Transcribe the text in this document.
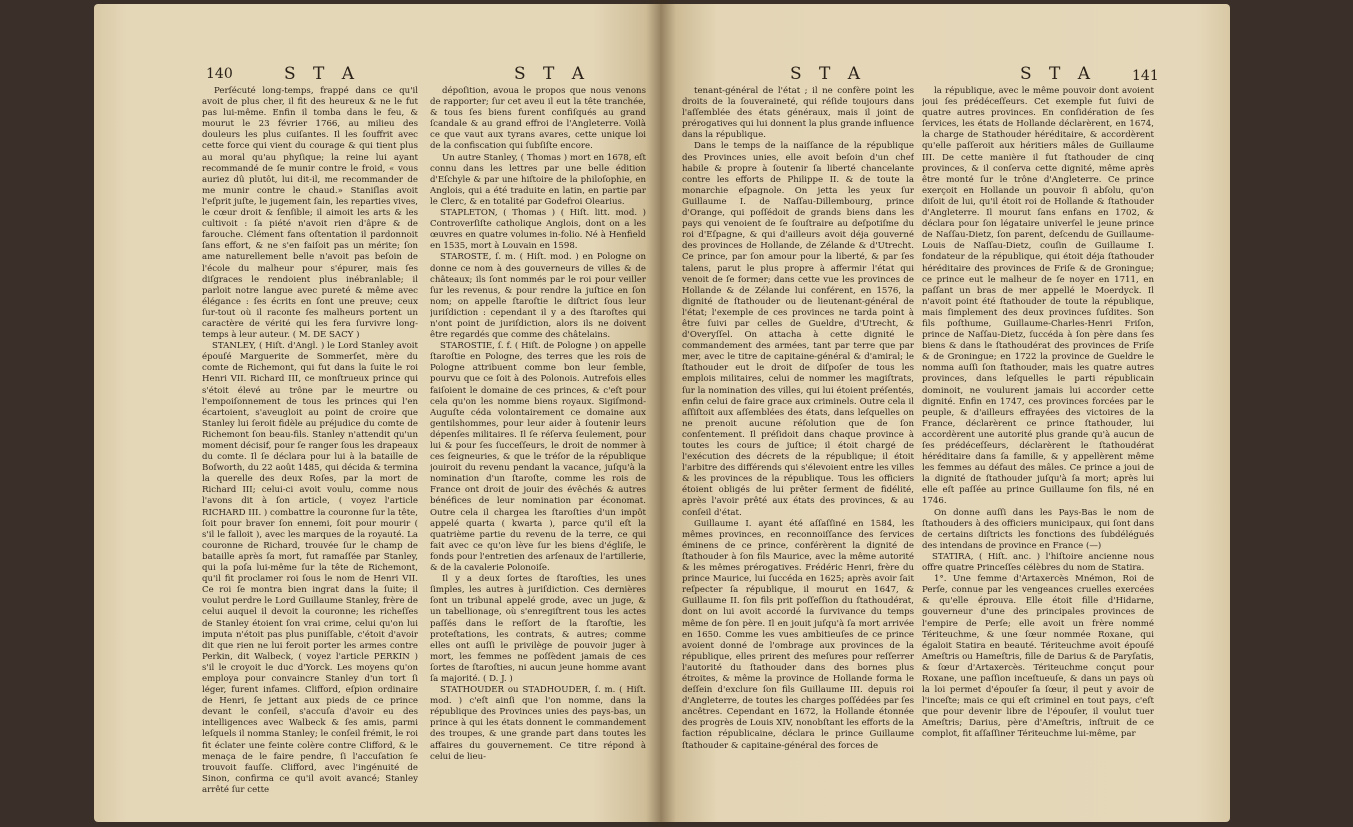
140	S T A	S T A

Perſécuté long-temps, frappé dans ce qu'il avoit de plus cher, il fit des heureux & ne le fut pas lui-même. Enfin il tomba dans le feu, & mourut le 23 février 1766, au milieu des douleurs les plus cuiſantes. Il les ſouffrit avec cette force qui vient du courage & qui tient plus au moral qu'au phyſique; la reine lui ayant recommandé de ſe munir contre le froid, « vous auriez dû plutôt, lui dit-il, me recommander de me munir contre le chaud.» Staniſlas avoit l'eſprit juſte, le jugement ſain, les reparties vives, le cœur droit & ſenſible; il aimoit les arts & les cultivoit : ſa piété n'avoit rien d'âpre & de farouche. Clément fans oſtentation il pardonnoit ſans effort, & ne s'en faiſoit pas un mérite; ſon ame naturellement belle n'avoit pas beſoin de l'école du malheur pour s'épurer, mais ſes diſgraces le rendoient plus inébranlable; il parloit notre langue avec pureté & même avec élégance : ſes écrits en ſont une preuve; ceux ſur-tout où il raconte ſes malheurs portent un caractère de vérité qui les fera ſurvivre long-temps à leur auteur. ( M. DE SACY )

STANLEY, ( Hiſt. d'Angl. ) le Lord Stanley avoit épouſé Marguerite de Sommerſet, mère du comte de Richemont, qui fut dans la ſuite le roi Henri VII. Richard III, ce monſtrueux prince qui s'étoit élevé au trône par le meurtre ou l'empoiſonnement de tous les princes qui l'en écartoient, s'aveugloit au point de croire que Stanley lui ſeroit fidèle au préjudice du comte de Richemont ſon beau-fils. Stanley n'attendit qu'un moment décisif, pour ſe ranger ſous les drapeaux du comte. Il ſe déclara pour lui à la bataille de Boſworth, du 22 août 1485, qui décida & termina la querelle des deux Roſes, par la mort de Richard III; celui-ci avoit voulu, comme nous l'avons dit à ſon article, ( voyez l'article RICHARD III. ) combattre la couronne ſur la tête, ſoit pour braver ſon ennemi, ſoit pour mourir ( s'il le falloit ), avec les marques de la royauté. La couronne de Richard, trouvée ſur le champ de bataille après ſa mort, fut ramaſſée par Stanley, qui la poſa lui-même ſur la tête de Richemont, qu'il fit proclamer roi ſous le nom de Henri VII. Ce roi ſe montra bien ingrat dans la ſuite; il voulut perdre le Lord Guillaume Stanley, frère de celui auquel il devoit la couronne; les richeſſes de Stanley étoient ſon vrai crime, celui qu'on lui imputa n'étoit pas plus puniſſable, c'étoit d'avoir dit que rien ne lui feroit porter les armes contre Perkin, dit Walbeck, ( voyez l'article PERKIN ) s'il le croyoit le duc d'Yorck. Les moyens qu'on employa pour convaincre Stanley d'un tort ſi léger, furent infames. Clifford, eſpion ordinaire de Henri, ſe jettant aux pieds de ce prince devant le conſeil, s'accuſa d'avoir eu des intelligences avec Walbeck & ſes amis, parmi leſquels il nomma Stanley; le conſeil frémit, le roi fit éclater une feinte colère contre Clifford, & le menaça de le faire pendre, ſi l'accuſation ſe trouvoit fauſſe. Clifford, avec l'ingénuité de Sinon, confirma ce qu'il avoit avancé; Stanley arrêté ſur cette

dépoſition, avoua le propos que nous venons de rapporter; ſur cet aveu il eut la tête tranchée, & tous ſes biens furent confiſqués au grand ſcandale & au grand effroi de l'Angleterre. Voilà ce que vaut aux tyrans avares, cette unique loi de la confiscation qui ſubſiſte encore.

Un autre Stanley, ( Thomas ) mort en 1678, eſt connu dans les lettres par une belle édition d'Eſchyle & par une hiſtoire de la philoſophie, en Anglois, qui a été traduite en latin, en partie par le Clerc, & en totalité par Godefroi Olearius.

STAPLETON, ( Thomas ) ( Hiſt. litt. mod. ) Controverſiſte catholique Anglois, dont on a les œuvres en quatre volumes in-folio. Né à Henfield en 1535, mort à Louvain en 1598.

STAROSTE, ſ. m. ( Hiſt. mod. ) en Pologne on donne ce nom à des gouverneurs de villes & de châteaux; ils ſont nommés par le roi pour veiller ſur les revenus, & pour rendre la juſtice en ſon nom; on appelle ſtaroſtie le diſtrict ſous leur juriſdiction : cependant il y a des ſtaroſtes qui n'ont point de juriſdiction, alors ils ne doivent être regardés que comme des châtelains.

STAROSTIE, ſ. f. ( Hiſt. de Pologne ) on appelle ſtaroſtie en Pologne, des terres que les rois de Pologne attribuent comme bon leur ſemble, pourvu que ce ſoit à des Polonois. Autrefois elles faiſoient le domaine de ces princes, & c'eſt pour cela qu'on les nomme biens royaux. Sigiſmond-Auguſte céda volontairement ce domaine aux gentilshommes, pour leur aider à ſoutenir leurs dépenſes militaires. Il ſe réſerva ſeulement, pour lui & pour ſes ſucceſſeurs, le droit de nommer à ces ſeigneuries, & que le tréſor de la république jouiroit du revenu pendant la vacance, juſqu'à la nomination d'un ſtaroſte, comme les rois de France ont droit de jouir des évêchés & autres bénéfices de leur nomination par économat. Outre cela il chargea les ſtaroſties d'un impôt appelé quarta ( kwarta ), parce qu'il eſt la quatrième partie du revenu de la terre, ce qui fait avec ce qu'on lève ſur les biens d'égliſe, le fonds pour l'entretien des arſenaux de l'artillerie, & de la cavalerie Polonoiſe.

Il y a deux ſortes de ſtaroſties, les unes ſimples, les autres à juriſdiction. Ces dernières ſont un tribunal appelé grode, avec un juge, & un tabellionage, où s'enregiſtrent tous les actes paſſés dans le reſſort de la ſtaroſtie, les proteſtations, les contrats, & autres; comme elles ont auſſi le privilège de pouvoir juger à mort, les femmes ne poſſèdent jamais de ces ſortes de ſtaroſties, ni aucun jeune homme avant ſa majorité. ( D. J. )

STATHOUDER ou STADHOUDER, ſ. m. ( Hiſt. mod. ) c'eſt ainſi que l'on nomme, dans la république des Provinces unies des pays-bas, un prince à qui les états donnent le commandement des troupes, & une grande part dans toutes les affaires du gouvernement. Ce titre répond à celui de lieu-

S T A	S T A	141

tenant-général de l'état ; il ne confère point les droits de la ſouveraineté, qui réſide toujours dans l'aſſemblée des états généraux, mais il joint de prérogatives qui lui donnent la plus grande influence dans la république.

Dans le temps de la naiſſance de la république des Provinces unies, elle avoit beſoin d'un chef habile & propre à ſoutenir ſa liberté chancelante contre les efforts de Philippe II. & de toute la monarchie eſpagnole. On jetta les yeux ſur Guillaume I. de Naſſau-Dillembourg, prince d'Orange, qui poſſédoit de grands biens dans les pays qui venoient de ſe ſouſtraire au deſpotiſme du roi d'Eſpagne, & qui d'ailleurs avoit déja gouverné des provinces de Hollande, de Zélande & d'Utrecht. Ce prince, par ſon amour pour la liberté, & par ſes talens, parut le plus propre à affermir l'état qui venoit de ſe former; dans cette vue les provinces de Hollande & de Zélande lui conférent, en 1576, la dignité de ſtathouder ou de lieutenant-général de l'état; l'exemple de ces provinces ne tarda point à être ſuivi par celles de Gueldre, d'Utrecht, & d'Overyſſel. On attacha à cette dignité le commandement des armées, tant par terre que par mer, avec le titre de capitaine-général & d'amiral; le ſtathouder eut le droit de diſpoſer de tous les emplois militaires, celui de nommer les magiſtrats, ſur la nomination des villes, qui lui étoient préſentés, enfin celui de faire grace aux criminels. Outre cela il aſſiſtoit aux aſſemblées des états, dans leſquelles on ne prenoit aucune réſolution que de ſon conſentement. Il préſidoit dans chaque province à toutes les cours de juſtice; il étoit chargé de l'exécution des décrets de la république; il étoit l'arbitre des différends qui s'élevoient entre les villes & les provinces de la république. Tous les officiers étoient obligés de lui prêter ſerment de fidélité, après l'avoir prêté aux états des provinces, & au conſeil d'état.

Guillaume I. ayant été aſſaſſiné en 1584, les mêmes provinces, en reconnoiſſance des ſervices éminens de ce prince, conférèrent la dignité de ſtathouder à ſon fils Maurice, avec la même autorité & les mêmes prérogatives. Frédéric Henri, frère du prince Maurice, lui ſuccéda en 1625; après avoir ſait reſpecter ſa république, il mourut en 1647, & Guillaume II. ſon fils prit poſſeſſion du ſtathoudérat, dont on lui avoit accordé la ſurvivance du temps même de ſon père. Il en jouit juſqu'à ſa mort arrivée en 1650. Comme les vues ambitieuſes de ce prince avoient donné de l'ombrage aux provinces de la république, elles prirent des meſures pour reſſerrer l'autorité du ſtathouder dans des bornes plus étroites, & même la province de Hollande forma le deſſein d'exclure ſon fils Guillaume III. depuis roi d'Angleterre, de toutes les charges poſſédées par ſes ancêtres. Cependant en 1672, la Hollande étonnée des progrès de Louis XIV, nonobſtant les efforts de la faction républicaine, déclara le prince Guillaume ſtathouder & capitaine-général des forces de

la république, avec le même pouvoir dont avoient joui ſes prédéceſſeurs. Cet exemple fut ſuivi de quatre autres provinces. En conſidération de ſes ſervices, les états de Hollande déclarèrent, en 1674, la charge de Stathouder héréditaire, & accordèrent qu'elle paſſeroit aux héritiers mâles de Guillaume III. De cette manière il fut ſtathouder de cinq provinces, & il conſerva cette dignité, même après être monté ſur le trône d'Angleterre. Ce prince exerçoit en Hollande un pouvoir ſi abſolu, qu'on diſoit de lui, qu'il étoit roi de Hollande & ſtathouder d'Angleterre. Il mourut ſans enfans en 1702, & déclara pour ſon légataire univerſel le jeune prince de Naſſau-Dietz, ſon parent, deſcendu de Guillaume-Louis de Naſſau-Dietz, couſin de Guillaume I. fondateur de la république, qui étoit déja ſtathouder héréditaire des provinces de Friſe & de Groningue; ce prince eut le malheur de ſe noyer en 1711, en paſſant un bras de mer appellé le Moerdyck. Il n'avoit point été ſtathouder de toute la république, mais ſimplement des deux provinces ſuſdites. Son fils poſthume, Guillaume-Charles-Henri Friſon, prince de Naſſau-Dietz, ſuccéda à ſon père dans ſes biens & dans le ſtathoudérat des provinces de Friſe & de Groningue; en 1722 la province de Gueldre le nomma auſſi ſon ſtathouder, mais les quatre autres provinces, dans leſquelles le parti républicain dominoit, ne voulurent jamais lui accorder cette dignité. Enfin en 1747, ces provinces forcées par le peuple, & d'ailleurs effrayées des victoires de la France, déclarèrent ce prince ſtathouder, lui accordèrent une autorité plus grande qu'à aucun de ſes prédéceſſeurs, déclarèrent le ſtathoudérat héréditaire dans ſa famille, & y appellèrent même les femmes au défaut des mâles. Ce prince a joui de la dignité de ſtathouder juſqu'à ſa mort; après lui elle eſt paſſée au prince Guillaume ſon fils, né en 1746.

On donne auſſi dans les Pays-Bas le nom de ſtathouders à des officiers municipaux, qui ſont dans de certains diſtricts les fonctions des ſubdélégués des intendans de province en France (—)

STATIRA, ( Hiſt. anc. ) l'hiſtoire ancienne nous offre quatre Princeſſes célèbres du nom de Statira.

1°. Une femme d'Artaxercès Mnémon, Roi de Perſe, connue par les vengeances cruelles exercées & qu'elle éprouva. Elle étoit fille d'Hidarne, gouverneur d'une des principales provinces de l'empire de Perſe; elle avoit un frère nommé Tériteuchme, & une ſœur nommée Roxane, qui égaloit Statira en beauté. Tériteuchme avoit épouſé Ameſtris ou Hameſtris, fille de Darius & de Paryſatis, & ſœur d'Artaxercès. Tériteuchme conçut pour Roxane, une paſſion inceſtueuſe, & dans un pays où la loi permet d'épouſer ſa ſœur, il peut y avoir de l'inceſte; mais ce qui eſt criminel en tout pays, c'eſt que pour devenir libre de l'épouſer, il voulut tuer Ameſtris; Darius, père d'Ameſtris, inſtruit de ce complot, fit aſſaſſiner Tériteuchme lui-même, par
